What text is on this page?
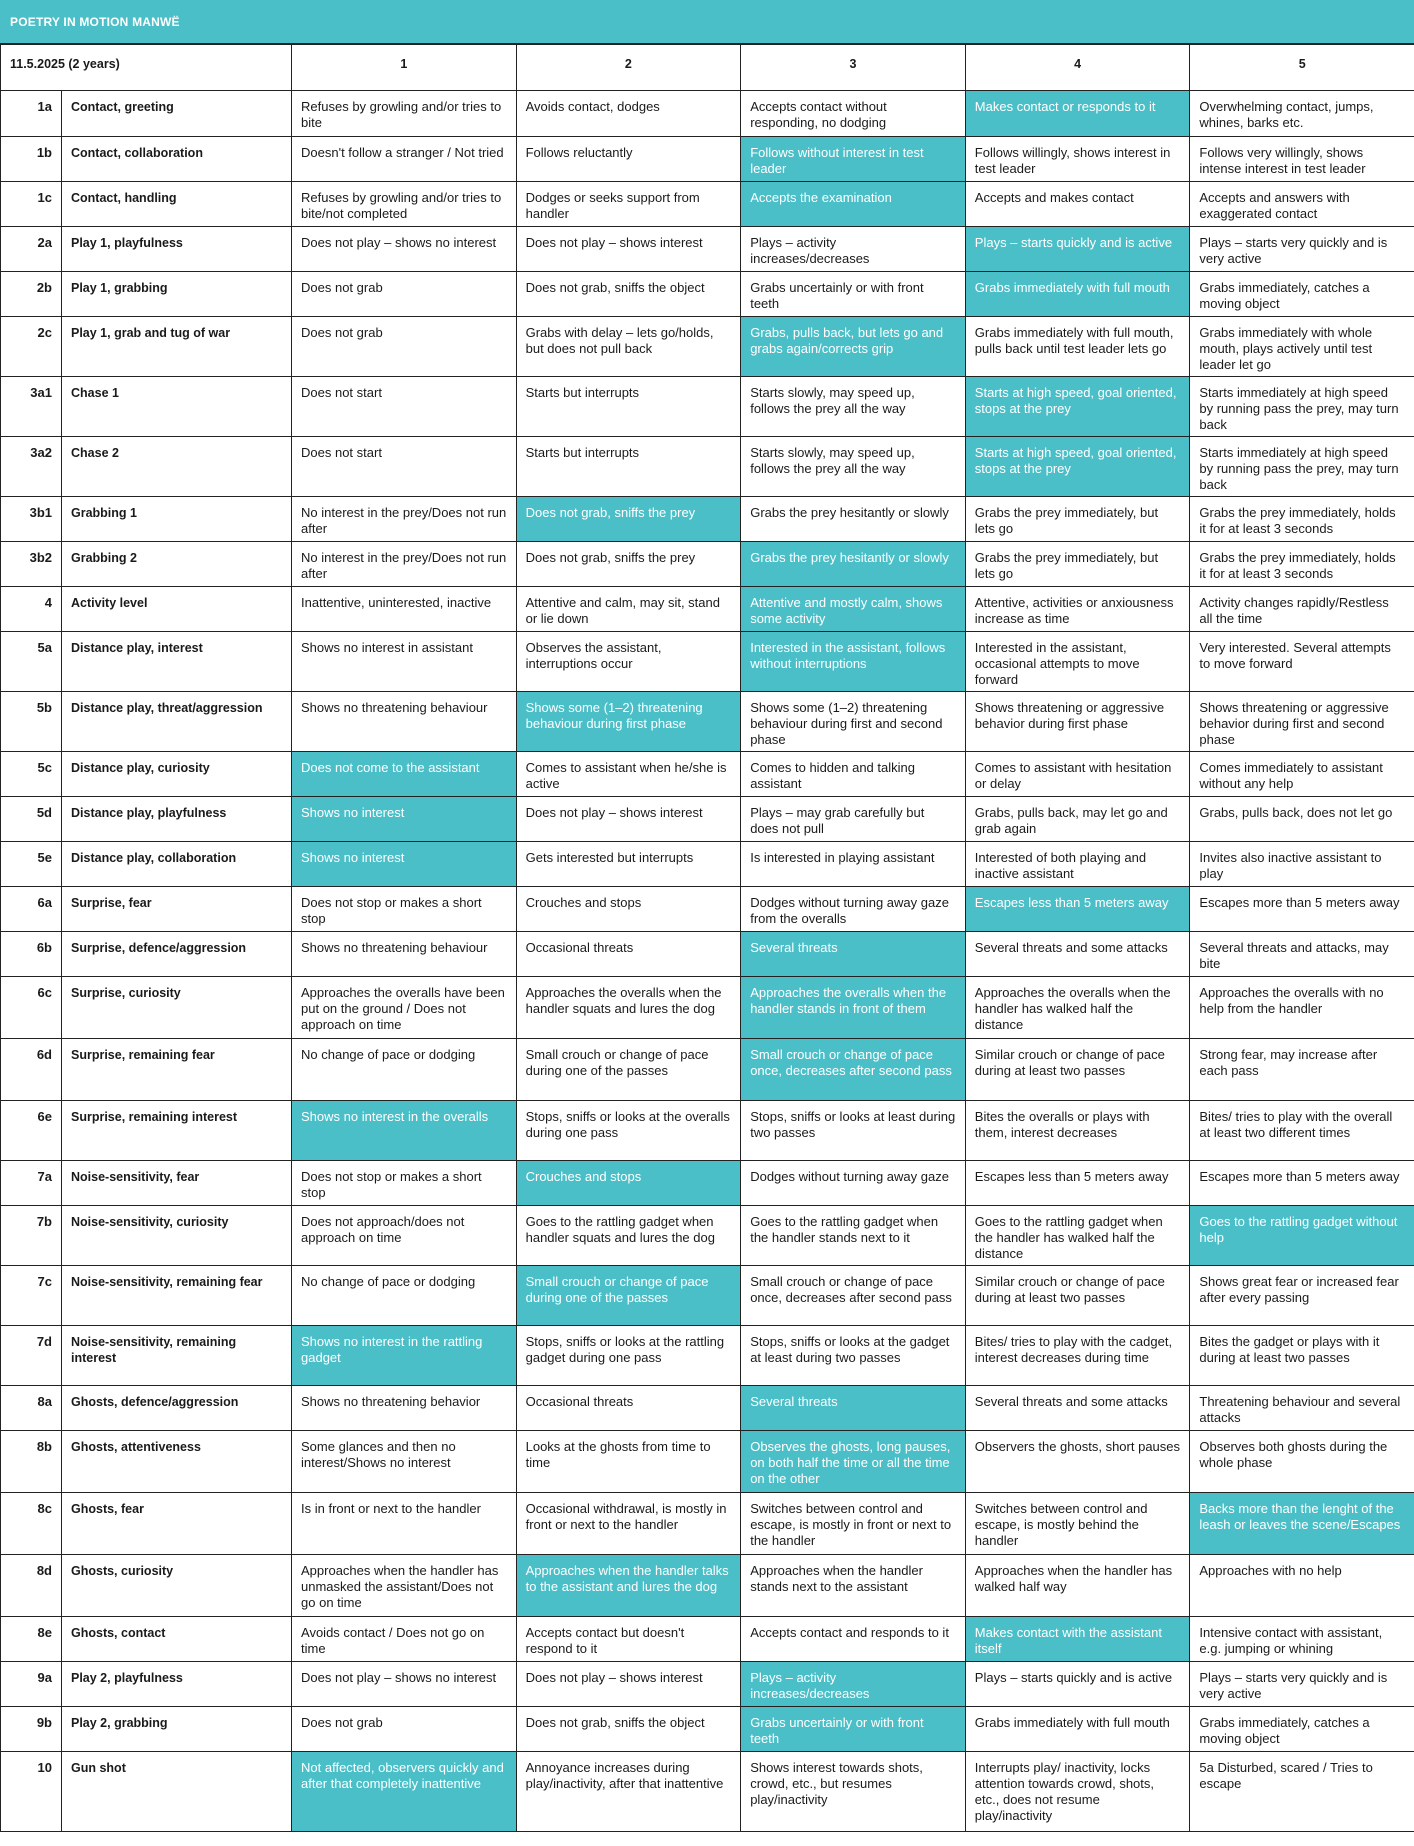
POETRY IN MOTION MANWË
11.5.2025 (2 years)		1	2	3	4	5
1a	Contact, greeting	Refuses by growling and/or tries to bite	Avoids contact, dodges	Accepts contact without responding, no dodging	Makes contact or responds to it	Overwhelming contact, jumps, whines, barks etc.
1b	Contact, collaboration	Doesn't follow a stranger / Not tried	Follows reluctantly	Follows without interest in test leader	Follows willingly, shows interest in test leader	Follows very willingly, shows intense interest in test leader
1c	Contact, handling	Refuses by growling and/or tries to bite/not completed	Dodges or seeks support from handler	Accepts the examination	Accepts and makes contact	Accepts and answers with exaggerated contact
2a	Play 1, playfulness	Does not play – shows no interest	Does not play – shows interest	Plays – activity increases/decreases	Plays – starts quickly and is active	Plays – starts very quickly and is very active
2b	Play 1, grabbing	Does not grab	Does not grab, sniffs the object	Grabs uncertainly or with front teeth	Grabs immediately with full mouth	Grabs immediately, catches a moving object
2c	Play 1, grab and tug of war	Does not grab	Grabs with delay – lets go/holds, but does not pull back	Grabs, pulls back, but lets go and grabs again/corrects grip	Grabs immediately with full mouth, pulls back until test leader lets go	Grabs immediately with whole mouth, plays actively until test leader let go
3a1	Chase 1	Does not start	Starts but interrupts	Starts slowly, may speed up, follows the prey all the way	Starts at high speed, goal oriented, stops at the prey	Starts immediately at high speed by running pass the prey, may turn back
3a2	Chase 2	Does not start	Starts but interrupts	Starts slowly, may speed up, follows the prey all the way	Starts at high speed, goal oriented, stops at the prey	Starts immediately at high speed by running pass the prey, may turn back
3b1	Grabbing 1	No interest in the prey/Does not run after	Does not grab, sniffs the prey	Grabs the prey hesitantly or slowly	Grabs the prey immediately, but lets go	Grabs the prey immediately, holds it for at least 3 seconds
3b2	Grabbing 2	No interest in the prey/Does not run after	Does not grab, sniffs the prey	Grabs the prey hesitantly or slowly	Grabs the prey immediately, but lets go	Grabs the prey immediately, holds it for at least 3 seconds
4	Activity level	Inattentive, uninterested, inactive	Attentive and calm, may sit, stand or lie down	Attentive and mostly calm, shows some activity	Attentive, activities or anxiousness increase as time	Activity changes rapidly/Restless all the time
5a	Distance play, interest	Shows no interest in assistant	Observes the assistant, interruptions occur	Interested in the assistant, follows without interruptions	Interested in the assistant, occasional attempts to move forward	Very interested. Several attempts to move forward
5b	Distance play, threat/aggression	Shows no threatening behaviour	Shows some (1–2) threatening behaviour during first phase	Shows some (1–2) threatening behaviour during first and second phase	Shows threatening or aggressive behavior during first phase	Shows threatening or aggressive behavior during first and second phase
5c	Distance play, curiosity	Does not come to the assistant	Comes to assistant when he/she is active	Comes to hidden and talking assistant	Comes to assistant with hesitation or delay	Comes immediately to assistant without any help
5d	Distance play, playfulness	Shows no interest	Does not play – shows interest	Plays – may grab carefully but does not pull	Grabs, pulls back, may let go and grab again	Grabs, pulls back, does not let go
5e	Distance play, collaboration	Shows no interest	Gets interested but interrupts	Is interested in playing assistant	Interested of both playing and inactive assistant	Invites also inactive assistant to play
6a	Surprise, fear	Does not stop or makes a short stop	Crouches and stops	Dodges without turning away gaze from the overalls	Escapes less than 5 meters away	Escapes more than 5 meters away
6b	Surprise, defence/aggression	Shows no threatening behaviour	Occasional threats	Several threats	Several threats and some attacks	Several threats and attacks, may bite
6c	Surprise, curiosity	Approaches the overalls have been put on the ground / Does not approach on time	Approaches the overalls when the handler squats and lures the dog	Approaches the overalls when the handler stands in front of them	Approaches the overalls when the handler has walked half the distance	Approaches the overalls with no help from the handler
6d	Surprise, remaining fear	No change of pace or dodging	Small crouch or change of pace during one of the passes	Small crouch or change of pace once, decreases after second pass	Similar crouch or change of pace during at least two passes	Strong fear, may increase after each pass
6e	Surprise, remaining interest	Shows no interest in the overalls	Stops, sniffs or looks at the overalls during one pass	Stops, sniffs or looks at least during two passes	Bites the overalls or plays with them, interest decreases	Bites/ tries to play with the overall at least two different times
7a	Noise-sensitivity, fear	Does not stop or makes a short stop	Crouches and stops	Dodges without turning away gaze	Escapes less than 5 meters away	Escapes more than 5 meters away
7b	Noise-sensitivity, curiosity	Does not approach/does not approach on time	Goes to the rattling gadget when handler squats and lures the dog	Goes to the rattling gadget when the handler stands next to it	Goes to the rattling gadget when the handler has walked half the distance	Goes to the rattling gadget without help
7c	Noise-sensitivity, remaining fear	No change of pace or dodging	Small crouch or change of pace during one of the passes	Small crouch or change of pace once, decreases after second pass	Similar crouch or change of pace during at least two passes	Shows great fear or increased fear after every passing
7d	Noise-sensitivity, remaining interest	Shows no interest in the rattling gadget	Stops, sniffs or looks at the rattling gadget during one pass	Stops, sniffs or looks at the gadget at least during two passes	Bites/ tries to play with the cadget, interest decreases during time	Bites the gadget or plays with it during at least two passes
8a	Ghosts, defence/aggression	Shows no threatening behavior	Occasional threats	Several threats	Several threats and some attacks	Threatening behaviour and several attacks
8b	Ghosts, attentiveness	Some glances and then no interest/Shows no interest	Looks at the ghosts from time to time	Observes the ghosts, long pauses, on both half the time or all the time on the other	Observers the ghosts, short pauses	Observes both ghosts during the whole phase
8c	Ghosts, fear	Is in front or next to the handler	Occasional withdrawal, is mostly in front or next to the handler	Switches between control and escape, is mostly in front or next to the handler	Switches between control and escape, is mostly behind the handler	Backs more than the lenght of the leash or leaves the scene/Escapes
8d	Ghosts, curiosity	Approaches when the handler has unmasked the assistant/Does not go on time	Approaches when the handler talks to the assistant and lures the dog	Approaches when the handler stands next to the assistant	Approaches when the handler has walked half way	Approaches with no help
8e	Ghosts, contact	Avoids contact / Does not go on time	Accepts contact but doesn't respond to it	Accepts contact and responds to it	Makes contact with the assistant itself	Intensive contact with assistant, e.g. jumping or whining
9a	Play 2, playfulness	Does not play – shows no interest	Does not play – shows interest	Plays – activity increases/decreases	Plays – starts quickly and is active	Plays – starts very quickly and is very active
9b	Play 2, grabbing	Does not grab	Does not grab, sniffs the object	Grabs uncertainly or with front teeth	Grabs immediately with full mouth	Grabs immediately, catches a moving object
10	Gun shot	Not affected, observers quickly and after that completely inattentive	Annoyance increases during play/inactivity, after that inattentive	Shows interest towards shots, crowd, etc., but resumes play/inactivity	Interrupts play/ inactivity, locks attention towards crowd, shots, etc., does not resume play/inactivity	5a Disturbed, scared / Tries to escape
